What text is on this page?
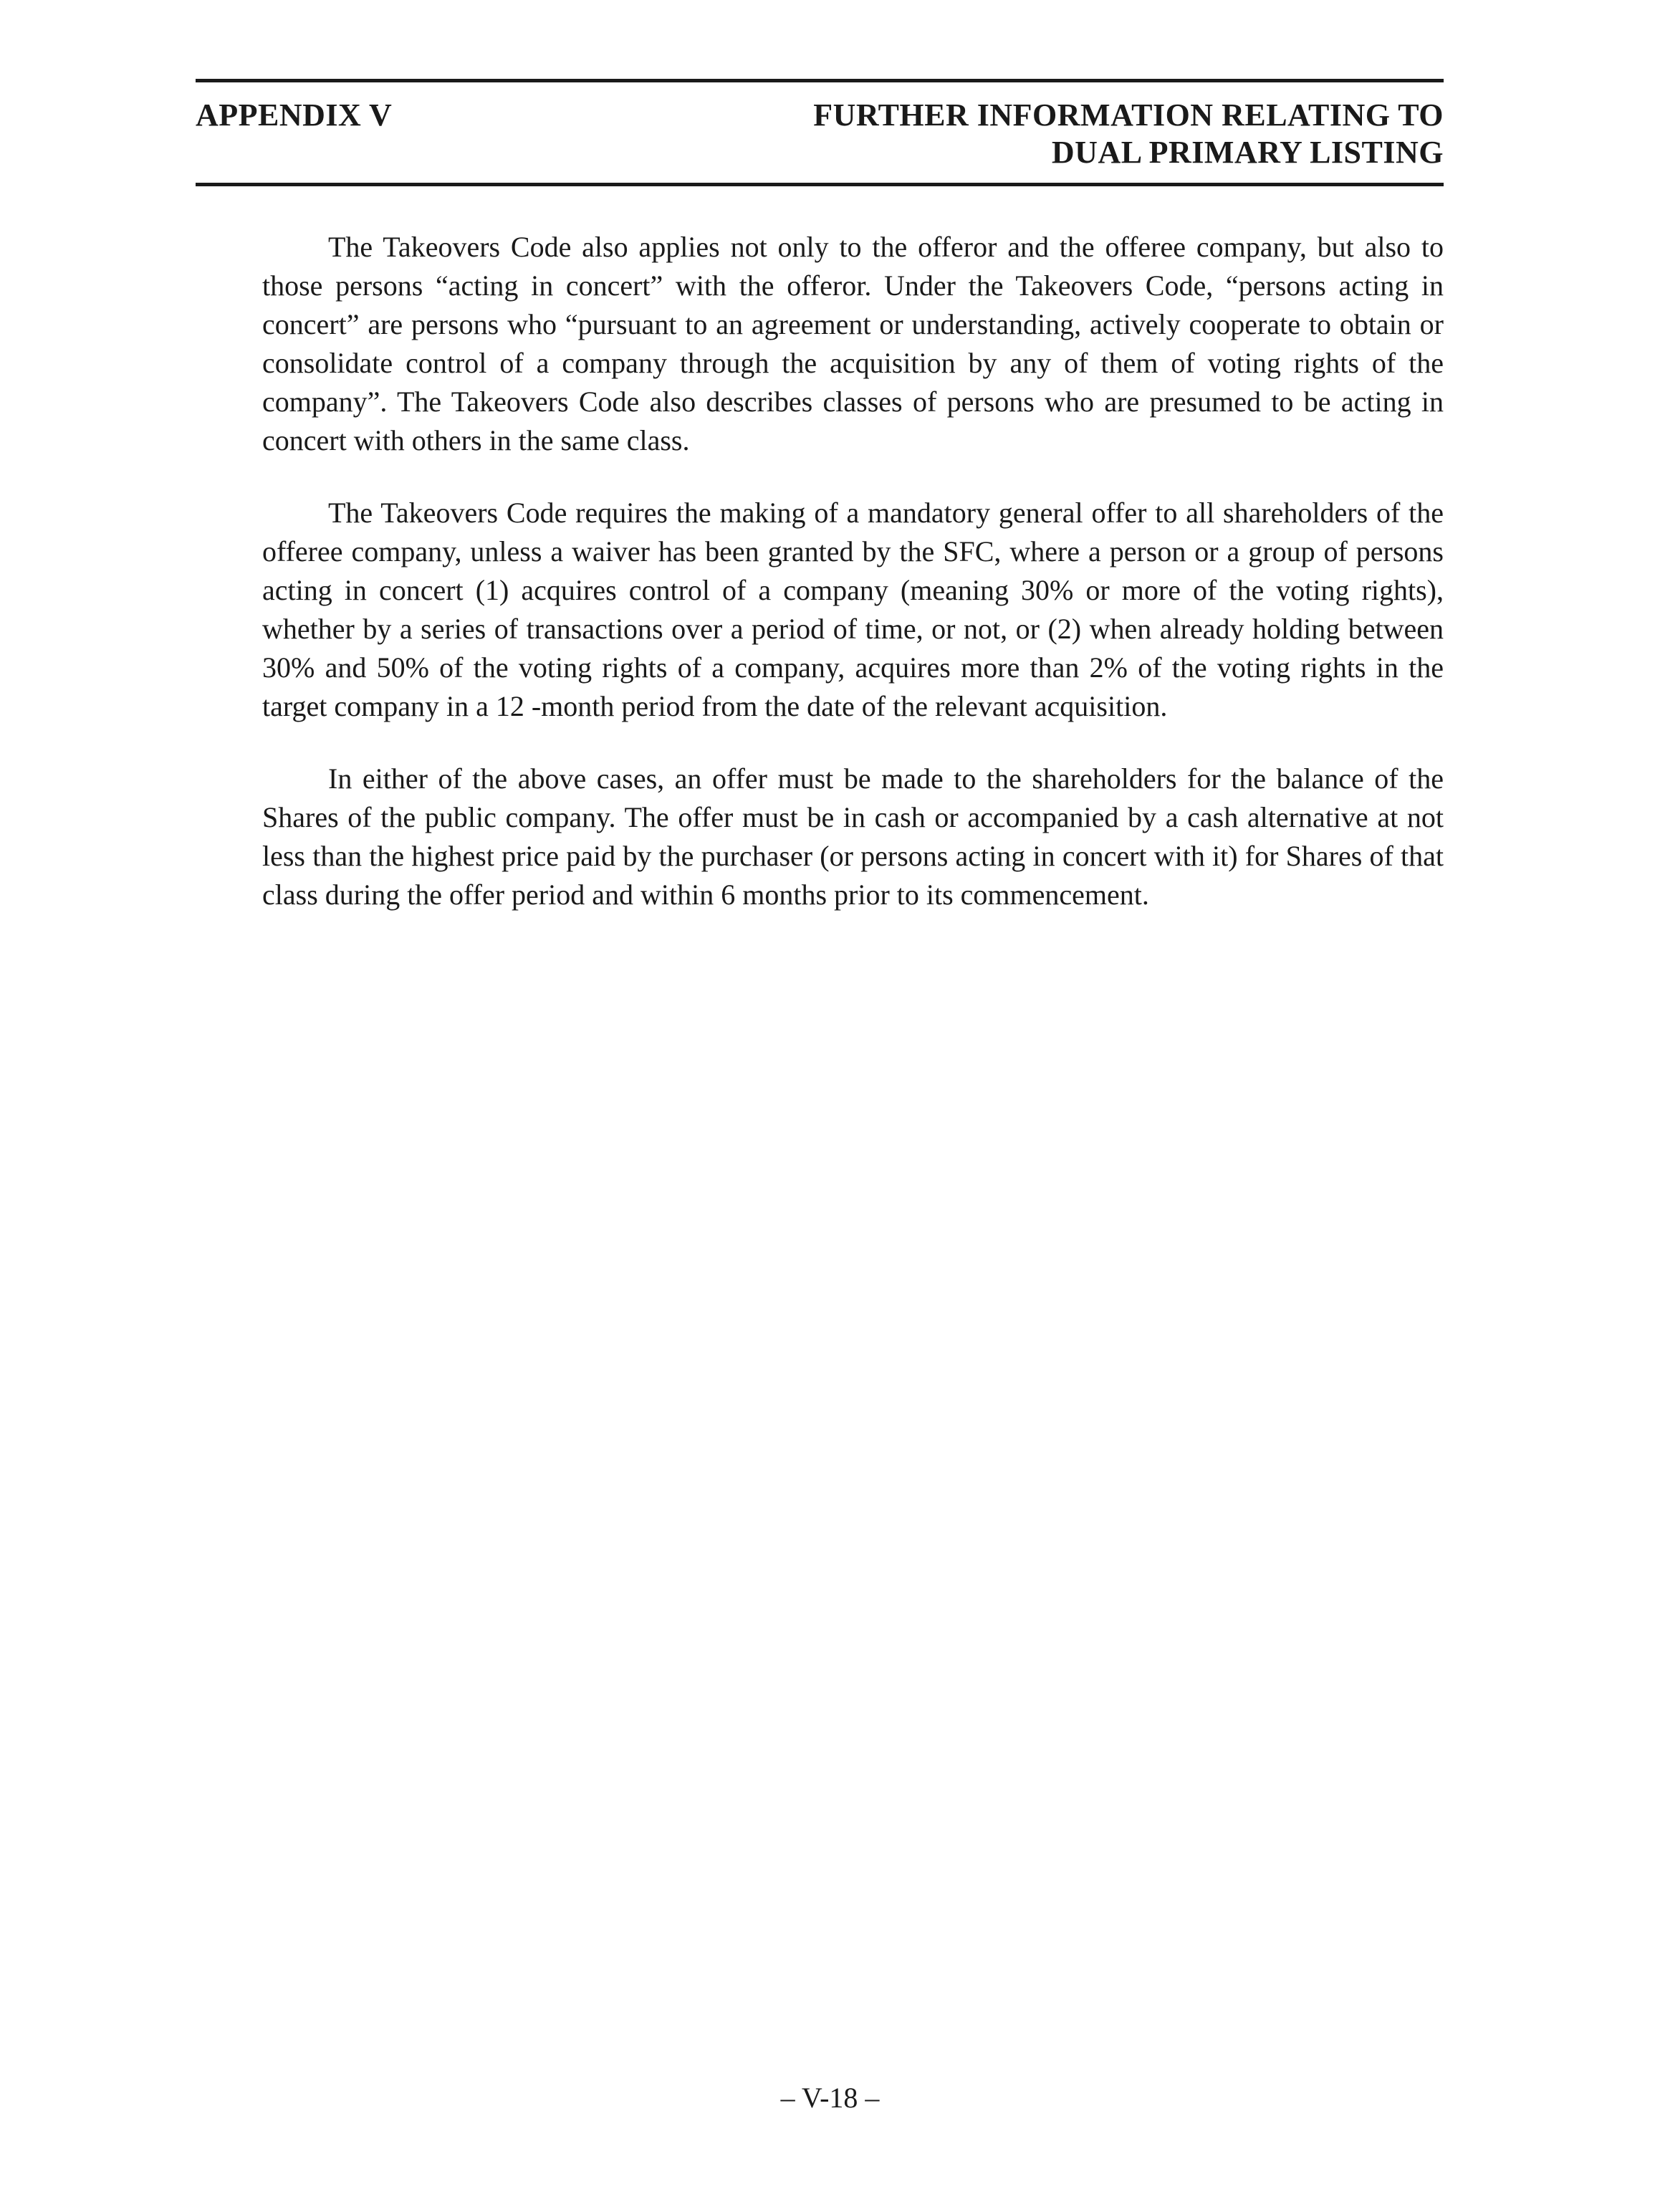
APPENDIX V	FURTHER INFORMATION RELATING TO
DUAL PRIMARY LISTING

The Takeovers Code also applies not only to the offeror and the offeree company, but also to those persons “acting in concert” with the offeror. Under the Takeovers Code, “persons acting in concert” are persons who “pursuant to an agreement or understanding, actively cooperate to obtain or consolidate control of a company through the acquisition by any of them of voting rights of the company”. The Takeovers Code also describes classes of persons who are presumed to be acting in concert with others in the same class.

The Takeovers Code requires the making of a mandatory general offer to all shareholders of the offeree company, unless a waiver has been granted by the SFC, where a person or a group of persons acting in concert (1) acquires control of a company (meaning 30% or more of the voting rights), whether by a series of transactions over a period of time, or not, or (2) when already holding between 30% and 50% of the voting rights of a company, acquires more than 2% of the voting rights in the target company in a 12 -month period from the date of the relevant acquisition.

In either of the above cases, an offer must be made to the shareholders for the balance of the Shares of the public company. The offer must be in cash or accompanied by a cash alternative at not less than the highest price paid by the purchaser (or persons acting in concert with it) for Shares of that class during the offer period and within 6 months prior to its commencement.

– V-18 –
